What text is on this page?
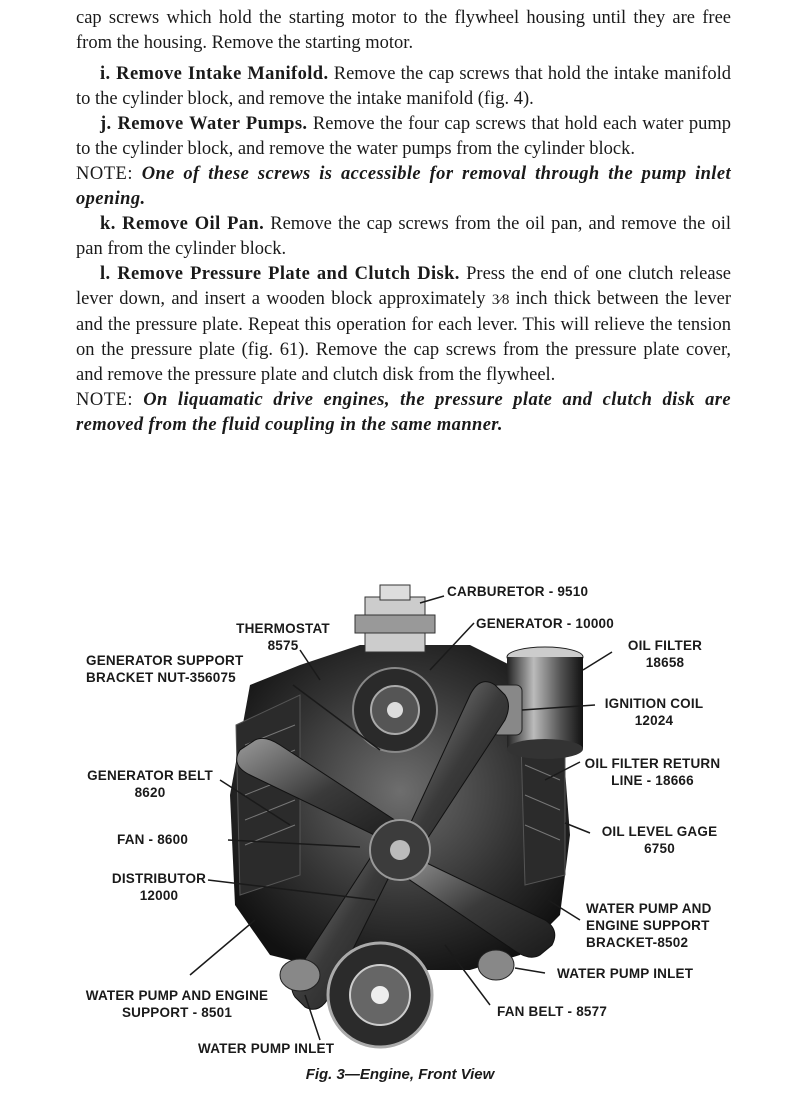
cap screws which hold the starting motor to the flywheel housing until they are free from the housing. Remove the starting motor.

i. Remove Intake Manifold. Remove the cap screws that hold the intake manifold to the cylinder block, and remove the intake manifold (fig. 4).

j. Remove Water Pumps. Remove the four cap screws that hold each water pump to the cylinder block, and remove the water pumps from the cylinder block.

NOTE: One of these screws is accessible for removal through the pump inlet opening.

k. Remove Oil Pan. Remove the cap screws from the oil pan, and remove the oil pan from the cylinder block.

l. Remove Pressure Plate and Clutch Disk. Press the end of one clutch release lever down, and insert a wooden block approximately 3⁄8 inch thick between the lever and the pressure plate. Repeat this operation for each lever. This will relieve the tension on the pressure plate (fig. 61). Remove the cap screws from the pressure plate cover, and remove the pressure plate and clutch disk from the flywheel.

NOTE: On liquamatic drive engines, the pressure plate and clutch disk are removed from the fluid coupling in the same manner.

CARBURETOR - 9510
GENERATOR - 10000
THERMOSTAT
8575
GENERATOR SUPPORT
BRACKET NUT-356075
OIL FILTER
18658
IGNITION COIL
12024
GENERATOR BELT
8620
OIL FILTER RETURN
LINE - 18666
FAN - 8600
OIL LEVEL GAGE
6750
DISTRIBUTOR
12000
WATER PUMP AND
ENGINE SUPPORT
BRACKET-8502
WATER PUMP INLET
WATER PUMP AND ENGINE
SUPPORT - 8501	FAN BELT - 8577
WATER PUMP INLET
Fig. 3—Engine, Front View
